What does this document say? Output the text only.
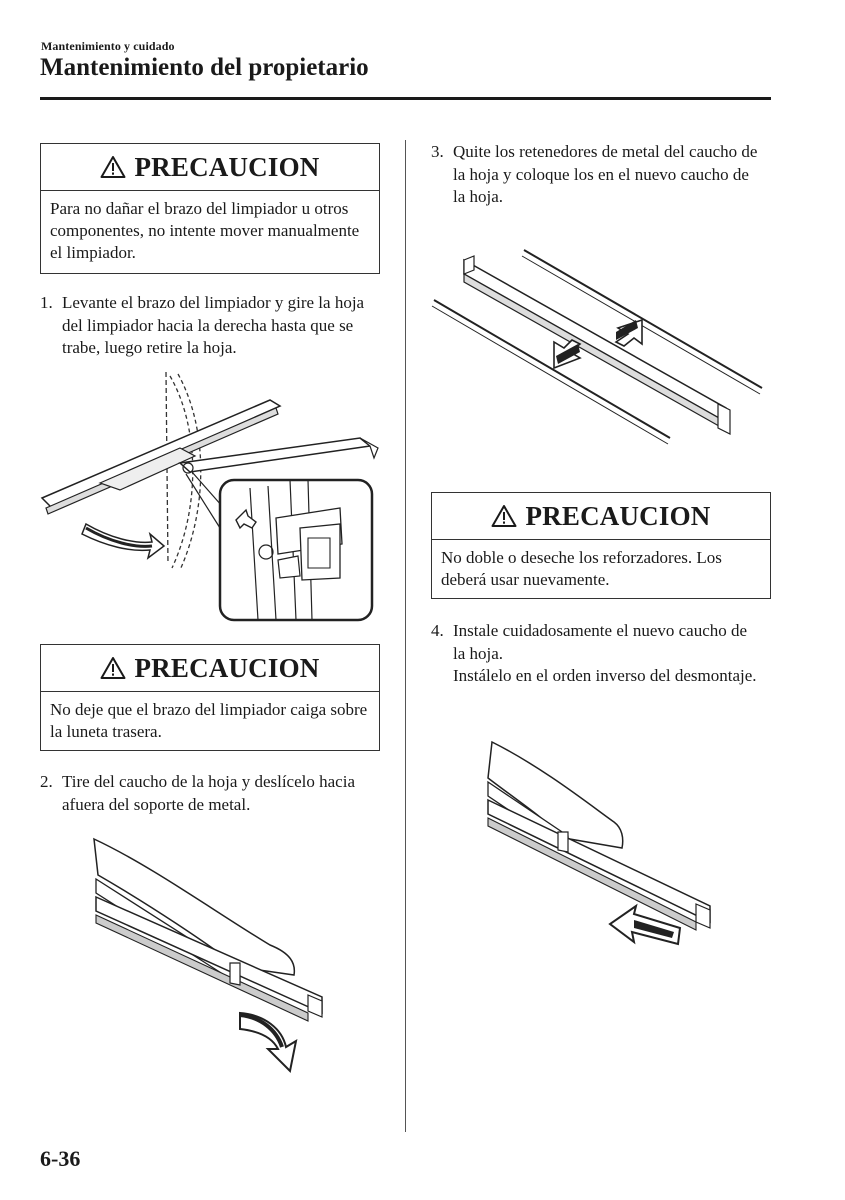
Mantenimiento y cuidado
Mantenimiento del propietario
PRECAUCION
Para no dañar el brazo del limpiador u otros componentes, no intente mover manualmente el limpiador.
1. Levante el brazo del limpiador y gire la hoja del limpiador hacia la derecha hasta que se trabe, luego retire la hoja.
PRECAUCION
No deje que el brazo del limpiador caiga sobre la luneta trasera.
2. Tire del caucho de la hoja y deslícelo hacia afuera del soporte de metal.
3. Quite los retenedores de metal del caucho de la hoja y coloque los en el nuevo caucho de la hoja.
PRECAUCION
No doble o deseche los reforzadores. Los deberá usar nuevamente.
4. Instale cuidadosamente el nuevo caucho de la hoja.
Instálelo en el orden inverso del desmontaje.
6-36
